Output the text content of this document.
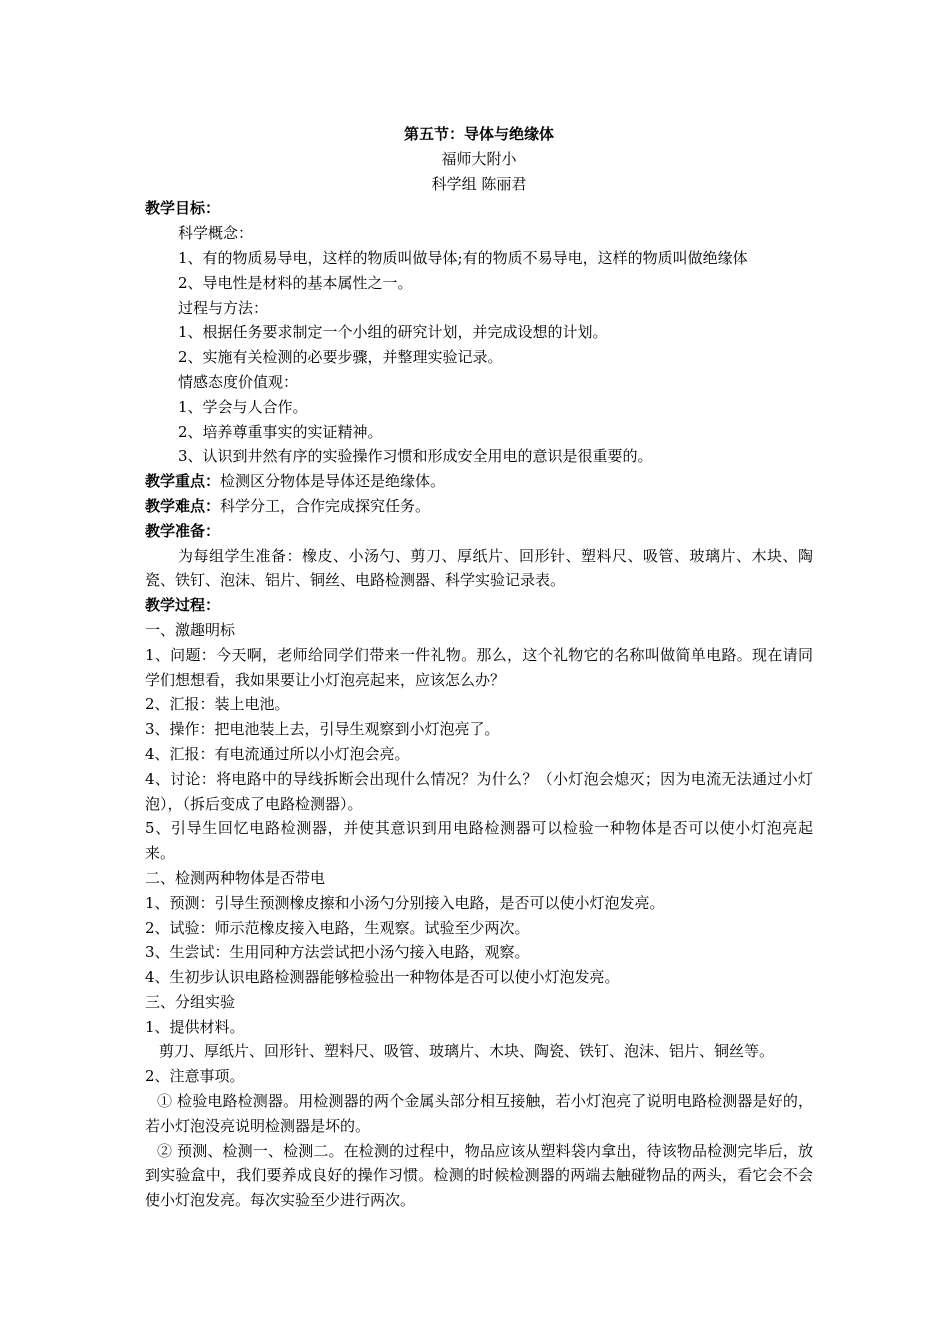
第五节：导体与绝缘体
福师大附小
科学组 陈丽君
教学目标：
科学概念：
1、有的物质易导电，这样的物质叫做导体;有的物质不易导电，这样的物质叫做绝缘体
2、导电性是材料的基本属性之一。
过程与方法：
1、根据任务要求制定一个小组的研究计划，并完成设想的计划。
2、实施有关检测的必要步骤，并整理实验记录。
情感态度价值观：
1、学会与人合作。
2、培养尊重事实的实证精神。
3、认识到井然有序的实验操作习惯和形成安全用电的意识是很重要的。
教学重点：检测区分物体是导体还是绝缘体。
教学难点：科学分工，合作完成探究任务。
教学准备：
为每组学生准备：橡皮、小汤勺、剪刀、厚纸片、回形针、塑料尺、吸管、玻璃片、木块、陶瓷、铁钉、泡沫、铝片、铜丝、电路检测器、科学实验记录表。
教学过程：
一、激趣明标
1、问题：今天啊，老师给同学们带来一件礼物。那么，这个礼物它的名称叫做简单电路。现在请同学们想想看，我如果要让小灯泡亮起来，应该怎么办？
2、汇报：装上电池。
3、操作：把电池装上去，引导生观察到小灯泡亮了。
4、汇报：有电流通过所以小灯泡会亮。
4、讨论：将电路中的导线拆断会出现什么情况？为什么？（小灯泡会熄灭；因为电流无法通过小灯泡），（拆后变成了电路检测器）。
5、引导生回忆电路检测器，并使其意识到用电路检测器可以检验一种物体是否可以使小灯泡亮起来。
二、检测两种物体是否带电
1、预测：引导生预测橡皮擦和小汤勺分别接入电路，是否可以使小灯泡发亮。
2、试验：师示范橡皮接入电路，生观察。试验至少两次。
3、生尝试：生用同种方法尝试把小汤勺接入电路，观察。
4、生初步认识电路检测器能够检验出一种物体是否可以使小灯泡发亮。
三、分组实验
1、提供材料。
剪刀、厚纸片、回形针、塑料尺、吸管、玻璃片、木块、陶瓷、铁钉、泡沫、铝片、铜丝等。
2、注意事项。
① 检验电路检测器。用检测器的两个金属头部分相互接触，若小灯泡亮了说明电路检测器是好的，若小灯泡没亮说明检测器是坏的。
② 预测、检测一、检测二。在检测的过程中，物品应该从塑料袋内拿出，待该物品检测完毕后，放到实验盒中，我们要养成良好的操作习惯。检测的时候检测器的两端去触碰物品的两头，看它会不会使小灯泡发亮。每次实验至少进行两次。
